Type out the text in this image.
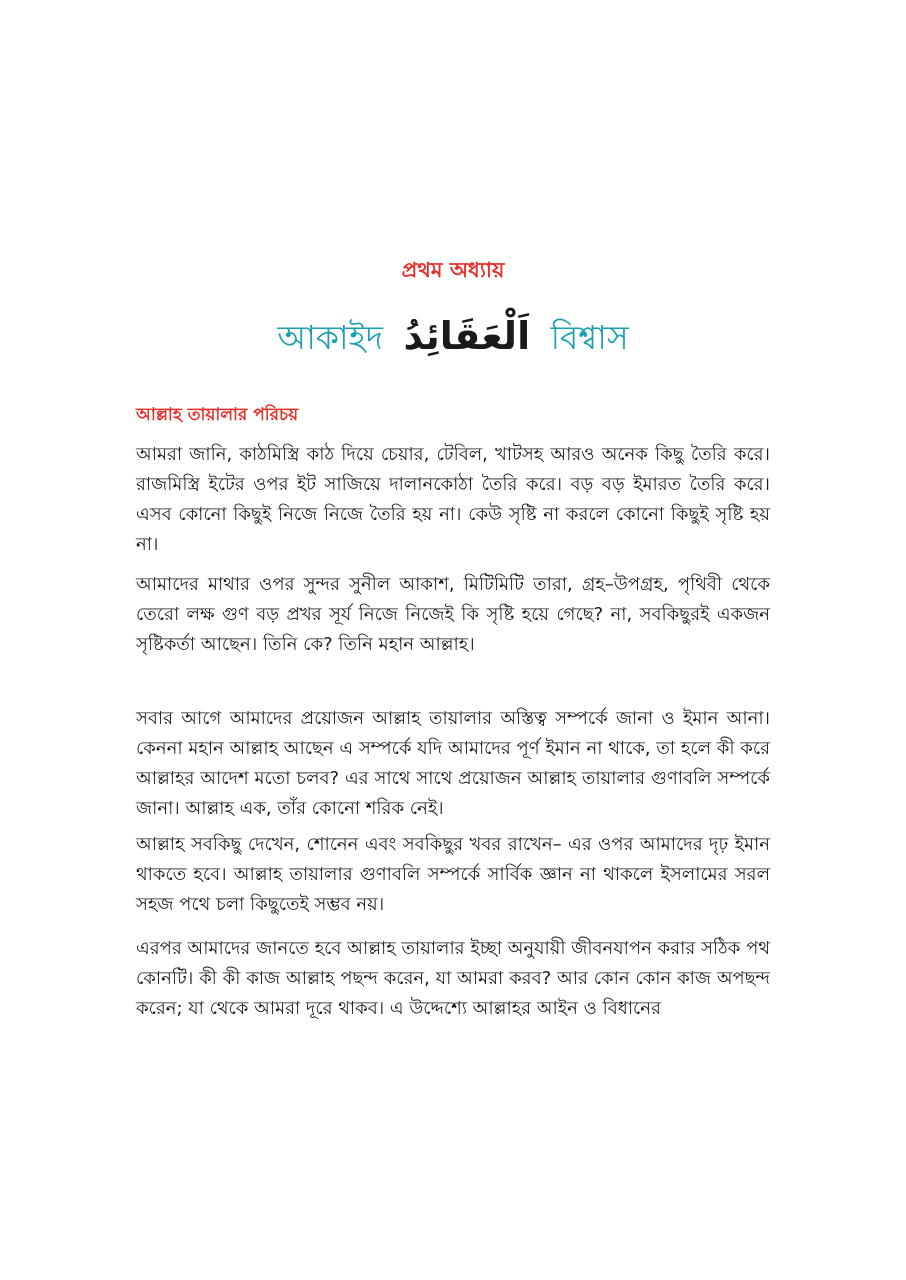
প্রথম অধ্যায়
আকাইদ اَلْعَقَائِدُ বিশ্বাস
আল্লাহ তায়ালার পরিচয়

আমরা জানি, কাঠমিস্ত্রি কাঠ দিয়ে চেয়ার, টেবিল, খাটসহ আরও অনেক কিছু তৈরি করে। রাজমিস্ত্রি ইটের ওপর ইট সাজিয়ে দালানকোঠা তৈরি করে। বড় বড় ইমারত তৈরি করে। এসব কোনো কিছুই নিজে নিজে তৈরি হয় না। কেউ সৃষ্টি না করলে কোনো কিছুই সৃষ্টি হয় না।

আমাদের মাথার ওপর সুন্দর সুনীল আকাশ, মিটিমিটি তারা, গ্রহ–উপগ্রহ, পৃথিবী থেকে তেরো লক্ষ গুণ বড় প্রখর সূর্য নিজে নিজেই কি সৃষ্টি হয়ে গেছে? না, সবকিছুরই একজন সৃষ্টিকর্তা আছেন। তিনি কে? তিনি মহান আল্লাহ।

সবার আগে আমাদের প্রয়োজন আল্লাহ তায়ালার অস্তিত্ব সম্পর্কে জানা ও ইমান আনা। কেননা মহান আল্লাহ আছেন এ সম্পর্কে যদি আমাদের পূর্ণ ইমান না থাকে, তা হলে কী করে আল্লাহর আদেশ মতো চলব? এর সাথে সাথে প্রয়োজন আল্লাহ তায়ালার গুণাবলি সম্পর্কে জানা। আল্লাহ এক, তাঁর কোনো শরিক নেই।

আল্লাহ সবকিছু দেখেন, শোনেন এবং সবকিছুর খবর রাখেন– এর ওপর আমাদের দৃঢ় ইমান থাকতে হবে। আল্লাহ তায়ালার গুণাবলি সম্পর্কে সার্বিক জ্ঞান না থাকলে ইসলামের সরল সহজ পথে চলা কিছুতেই সম্ভব নয়।

এরপর আমাদের জানতে হবে আল্লাহ তায়ালার ইচ্ছা অনুযায়ী জীবনযাপন করার সঠিক পথ কোনটি। কী কী কাজ আল্লাহ পছন্দ করেন, যা আমরা করব? আর কোন কোন কাজ অপছন্দ করেন; যা থেকে আমরা দূরে থাকব। এ উদ্দেশ্যে আল্লাহর আইন ও বিধানের
